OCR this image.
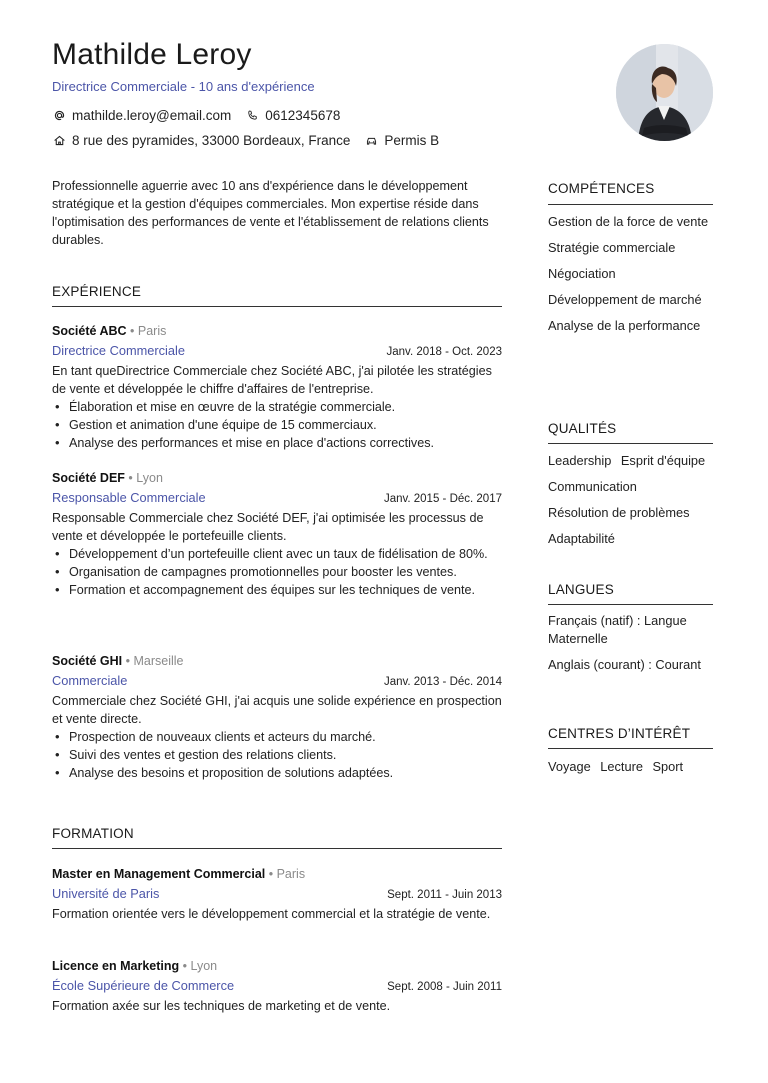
Mathilde Leroy
Directrice Commerciale - 10 ans d'expérience
mathilde.leroy@email.com	0612345678
8 rue des pyramides, 33000 Bordeaux, France	Permis B
Professionnelle aguerrie avec 10 ans d'expérience dans le développement stratégique et la gestion d'équipes commerciales. Mon expertise réside dans l'optimisation des performances de vente et l'établissement de relations clients durables.
EXPÉRIENCE
Société ABC • Paris
Directrice Commerciale	Janv. 2018 - Oct. 2023
En tant queDirectrice Commerciale chez Société ABC, j'ai pilotée les stratégies de vente et développée le chiffre d'affaires de l'entreprise.
• Élaboration et mise en œuvre de la stratégie commerciale.
• Gestion et animation d'une équipe de 15 commerciaux.
• Analyse des performances et mise en place d'actions correctives.
Société DEF • Lyon
Responsable Commerciale	Janv. 2015 - Déc. 2017
Responsable Commerciale chez Société DEF, j'ai optimisée les processus de vente et développée le portefeuille clients.
• Développement d’un portefeuille client avec un taux de fidélisation de 80%.
• Organisation de campagnes promotionnelles pour booster les ventes.
• Formation et accompagnement des équipes sur les techniques de vente.
Société GHI • Marseille
Commerciale	Janv. 2013 - Déc. 2014
Commerciale chez Société GHI, j'ai acquis une solide expérience en prospection et vente directe.
• Prospection de nouveaux clients et acteurs du marché.
• Suivi des ventes et gestion des relations clients.
• Analyse des besoins et proposition de solutions adaptées.
FORMATION
Master en Management Commercial • Paris
Université de Paris	Sept. 2011 - Juin 2013
Formation orientée vers le développement commercial et la stratégie de vente.
Licence en Marketing • Lyon
École Supérieure de Commerce	Sept. 2008 - Juin 2011
Formation axée sur les techniques de marketing et de vente.
COMPÉTENCES
Gestion de la force de vente
Stratégie commerciale
Négociation
Développement de marché
Analyse de la performance
QUALITÉS
Leadership Esprit d'équipe
Communication
Résolution de problèmes
Adaptabilité
LANGUES
Français (natif) : Langue Maternelle
Anglais (courant) : Courant
CENTRES D’INTÉRÊT
Voyage Lecture Sport
